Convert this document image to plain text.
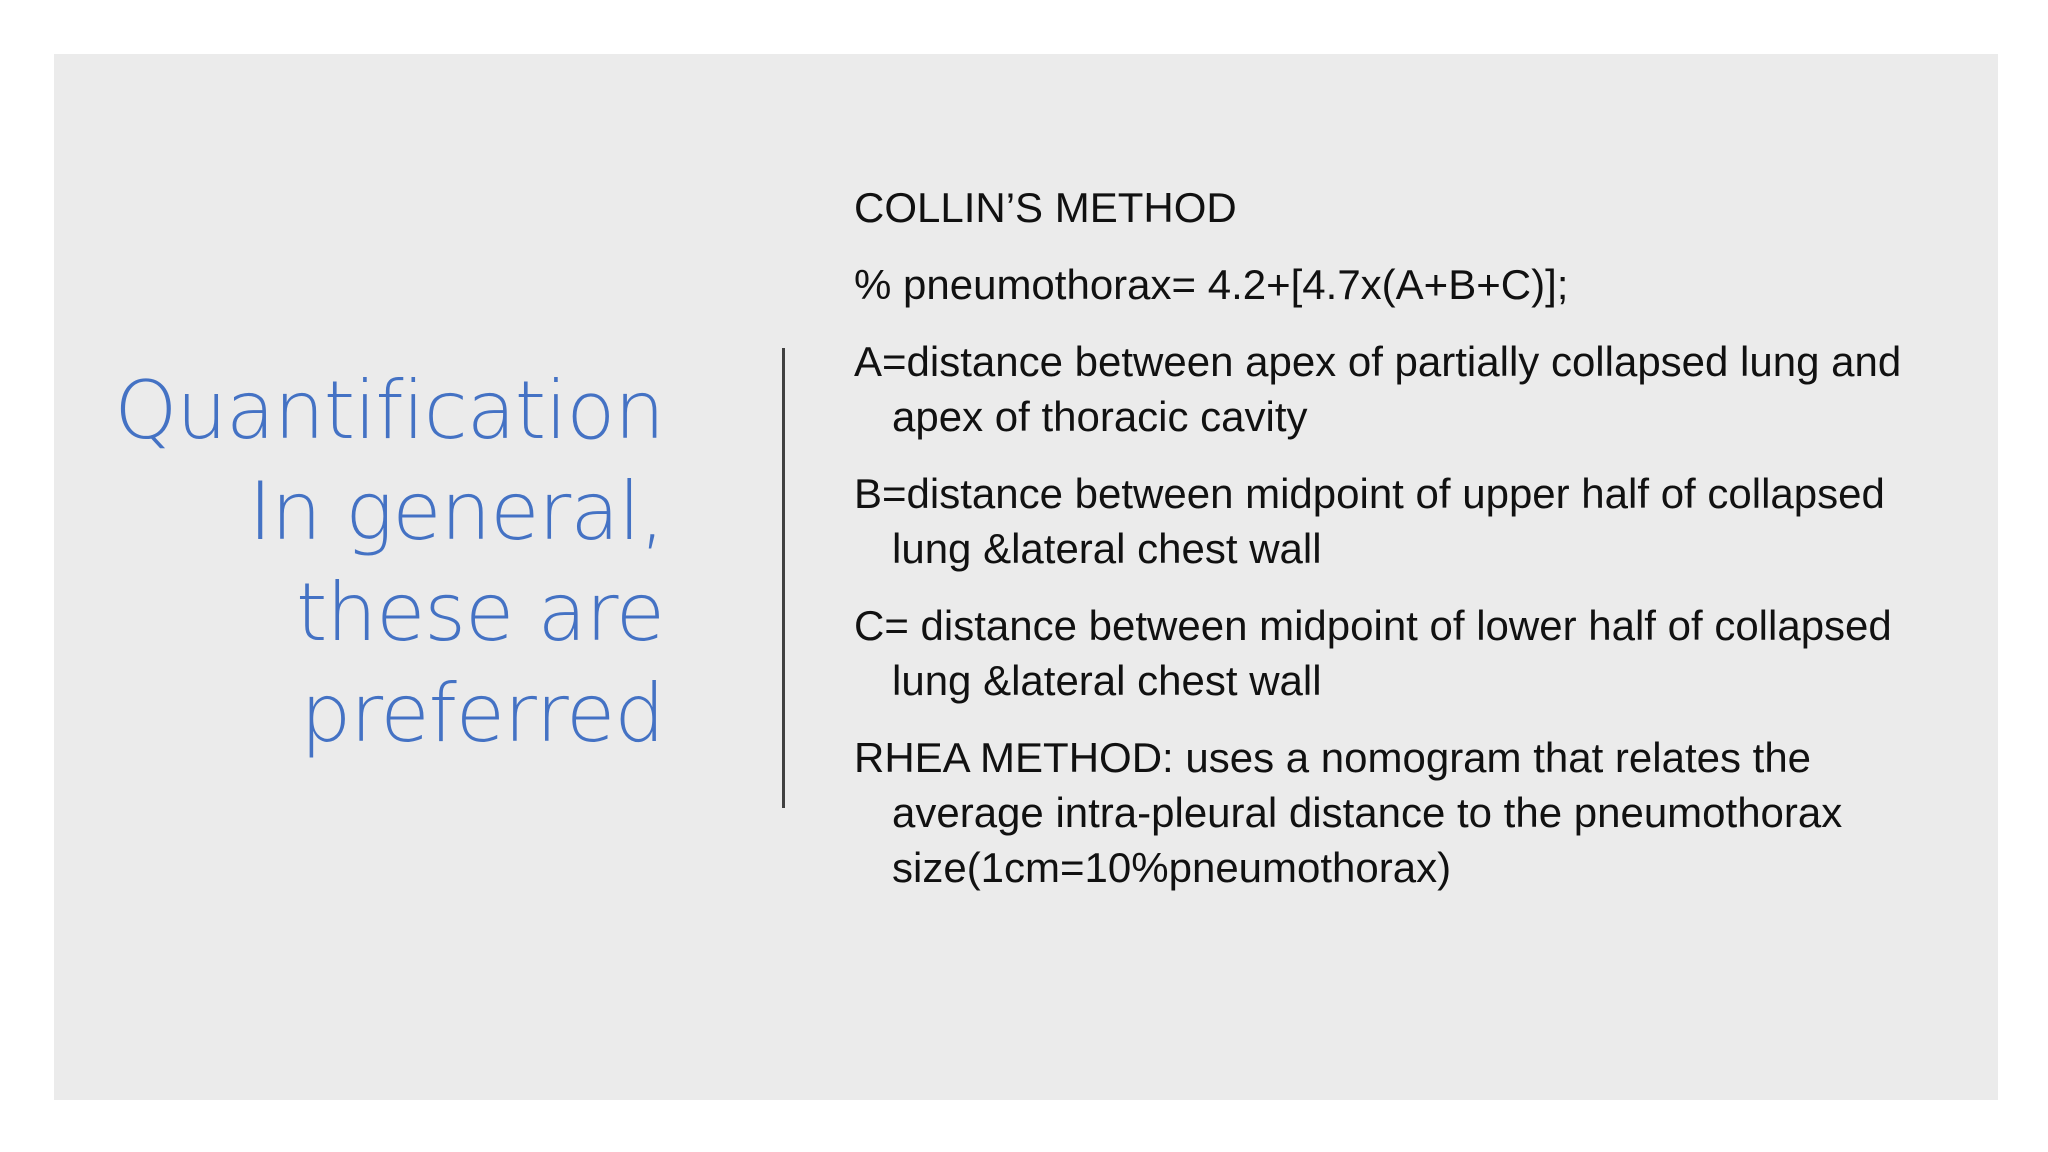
Quantification
In general,
these are
preferred

COLLIN’S METHOD

% pneumothorax= 4.2+[4.7x(A+B+C)];

A=distance between apex of partially collapsed lung and apex of thoracic cavity

B=distance between midpoint of upper half of collapsed lung &lateral chest wall

C= distance between midpoint of lower half of collapsed lung &lateral chest wall

RHEA METHOD: uses a nomogram that relates the average intra-pleural distance to the pneumothorax size(1cm=10%pneumothorax)
